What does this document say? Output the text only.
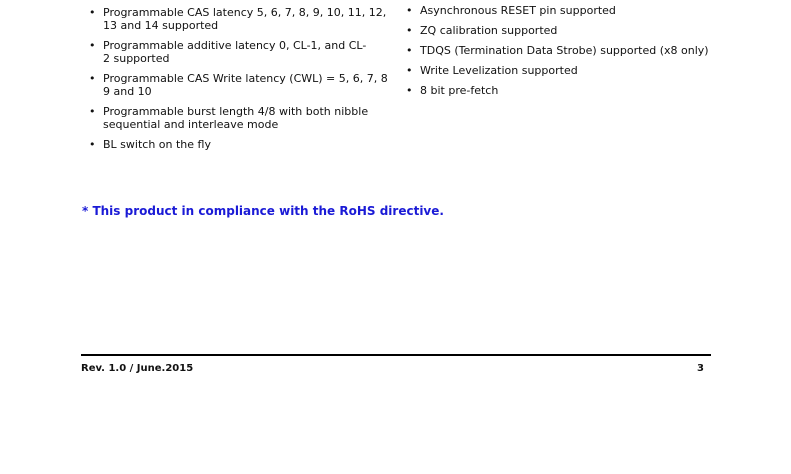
• Programmable CAS latency 5, 6, 7, 8, 9, 10, 11, 12, 13 and 14 supported
• Programmable additive latency 0, CL-1, and CL-2 supported
• Programmable CAS Write latency (CWL) = 5, 6, 7, 8 9 and 10
• Programmable burst length 4/8 with both nibble sequential and interleave mode
• BL switch on the fly
• Asynchronous RESET pin supported
• ZQ calibration supported
• TDQS (Termination Data Strobe) supported (x8 only)
• Write Levelization supported
• 8 bit pre-fetch
* This product in compliance with the RoHS directive.
Rev. 1.0 / June.2015	3
